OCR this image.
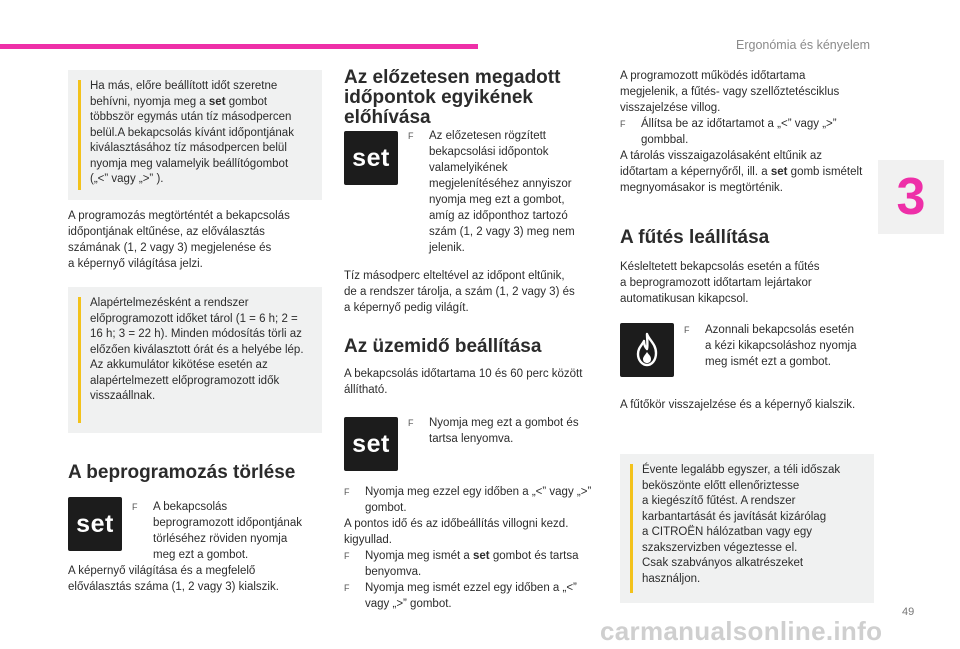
Ergonómia és kényelem
3
49
Ha más, előre beállított időt szeretne
behívni, nyomja meg a set gombot
többször egymás után tíz másodpercen
belül.A bekapcsolás kívánt időpontjának
kiválasztásához tíz másodpercen belül
nyomja meg valamelyik beállítógombot
(„<” vagy „>” ).
A programozás megtörténtét a bekapcsolás
időpontjának eltűnése, az előválasztás
számának (1, 2 vagy 3) megjelenése és
a képernyő világítása jelzi.
Alapértelmezésként a rendszer
előprogramozott időket tárol (1 = 6 h; 2 =
16 h; 3 = 22 h). Minden módosítás törli az
előzően kiválasztott órát és a helyébe lép.
Az akkumulátor kikötése esetén az
alapértelmezett előprogramozott idők
visszaállnak.
A beprogramozás törlése
set
F A bekapcsolás
beprogramozott időpontjának
törléséhez röviden nyomja
meg ezt a gombot.
A képernyő világítása és a megfelelő
előválasztás száma (1, 2 vagy 3) kialszik.
Az előzetesen megadott
időpontok egyikének
előhívása
set
F Az előzetesen rögzített
bekapcsolási időpontok
valamelyikének
megjelenítéséhez annyiszor
nyomja meg ezt a gombot,
amíg az időponthoz tartozó
szám (1, 2 vagy 3) meg nem
jelenik.
Tíz másodperc elteltével az időpont eltűnik,
de a rendszer tárolja, a szám (1, 2 vagy 3) és
a képernyő pedig világít.
Az üzemidő beállítása
A bekapcsolás időtartama 10 és 60 perc között
állítható.
set
F Nyomja meg ezt a gombot és
tartsa lenyomva.
F Nyomja meg ezzel egy időben a „<” vagy „>”
gombot.
A pontos idő és az időbeállítás villogni kezd.
kigyullad.
F Nyomja meg ismét a set gombot és tartsa
benyomva.
F Nyomja meg ismét ezzel egy időben a „<”
vagy „>” gombot.
A programozott működés időtartama
megjelenik, a fűtés- vagy szellőztetésciklus
visszajelzése villog.
F Állítsa be az időtartamot a „<” vagy „>”
gombbal.
A tárolás visszaigazolásaként eltűnik az
időtartam a képernyőről, ill. a set gomb ismételt
megnyomásakor is megtörténik.
A fűtés leállítása
Késleltetett bekapcsolás esetén a fűtés
a beprogramozott időtartam lejártakor
automatikusan kikapcsol.
F Azonnali bekapcsolás esetén
a kézi kikapcsoláshoz nyomja
meg ismét ezt a gombot.
A fűtőkör visszajelzése és a képernyő kialszik.
Évente legalább egyszer, a téli időszak
beköszönte előtt ellenőriztesse
a kiegészítő fűtést. A rendszer
karbantartását és javítását kizárólag
a CITROËN hálózatban vagy egy
szakszervizben végeztesse el.
Csak szabványos alkatrészeket
használjon.
carmanualsonline.info
